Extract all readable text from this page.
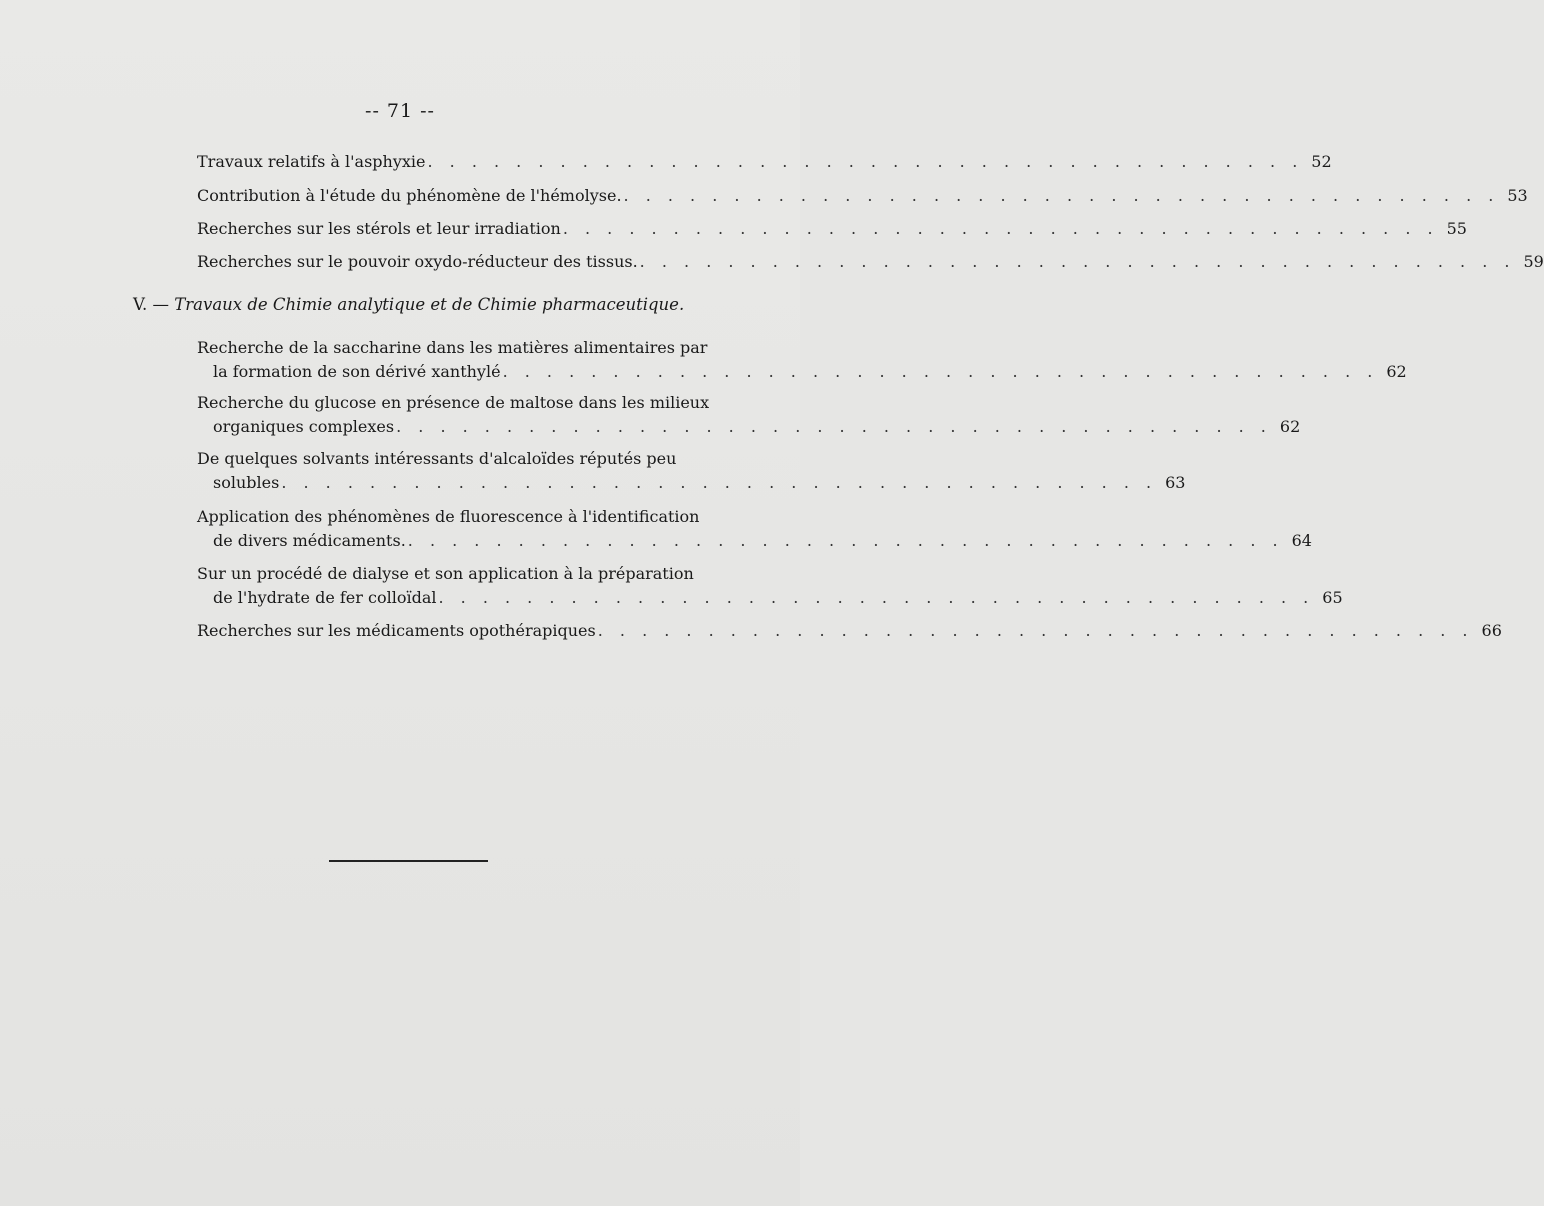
-- 71 --
Travaux relatifs à l'asphyxie . . . . . . . . . . . . . . . . . . . . . . . . . . . . . . . . . . . . . . . . 52
Contribution à l'étude du phénomène de l'hémolyse. . . . . . . . . . . . . . . . . . . . . . . . . . . . . . . . . . . . . . . . . 53
Recherches sur les stérols et leur irradiation . . . . . . . . . . . . . . . . . . . . . . . . . . . . . . . . . . . . . . . . 55
Recherches sur le pouvoir oxydo-réducteur des tissus. . . . . . . . . . . . . . . . . . . . . . . . . . . . . . . . . . . . . . . . . 59
V. — Travaux de Chimie analytique et de Chimie pharmaceutique.
Recherche de la saccharine dans les matières alimentaires par
la formation de son dérivé xanthylé . . . . . . . . . . . . . . . . . . . . . . . . . . . . . . . . . . . . . . . . 62
Recherche du glucose en présence de maltose dans les milieux
organiques complexes . . . . . . . . . . . . . . . . . . . . . . . . . . . . . . . . . . . . . . . . 62
De quelques solvants intéressants d'alcaloïdes réputés peu
solubles . . . . . . . . . . . . . . . . . . . . . . . . . . . . . . . . . . . . . . . . 63
Application des phénomènes de fluorescence à l'identification
de divers médicaments. . . . . . . . . . . . . . . . . . . . . . . . . . . . . . . . . . . . . . . . . 64
Sur un procédé de dialyse et son application à la préparation
de l'hydrate de fer colloïdal . . . . . . . . . . . . . . . . . . . . . . . . . . . . . . . . . . . . . . . . 65
Recherches sur les médicaments opothérapiques . . . . . . . . . . . . . . . . . . . . . . . . . . . . . . . . . . . . . . . . 66
